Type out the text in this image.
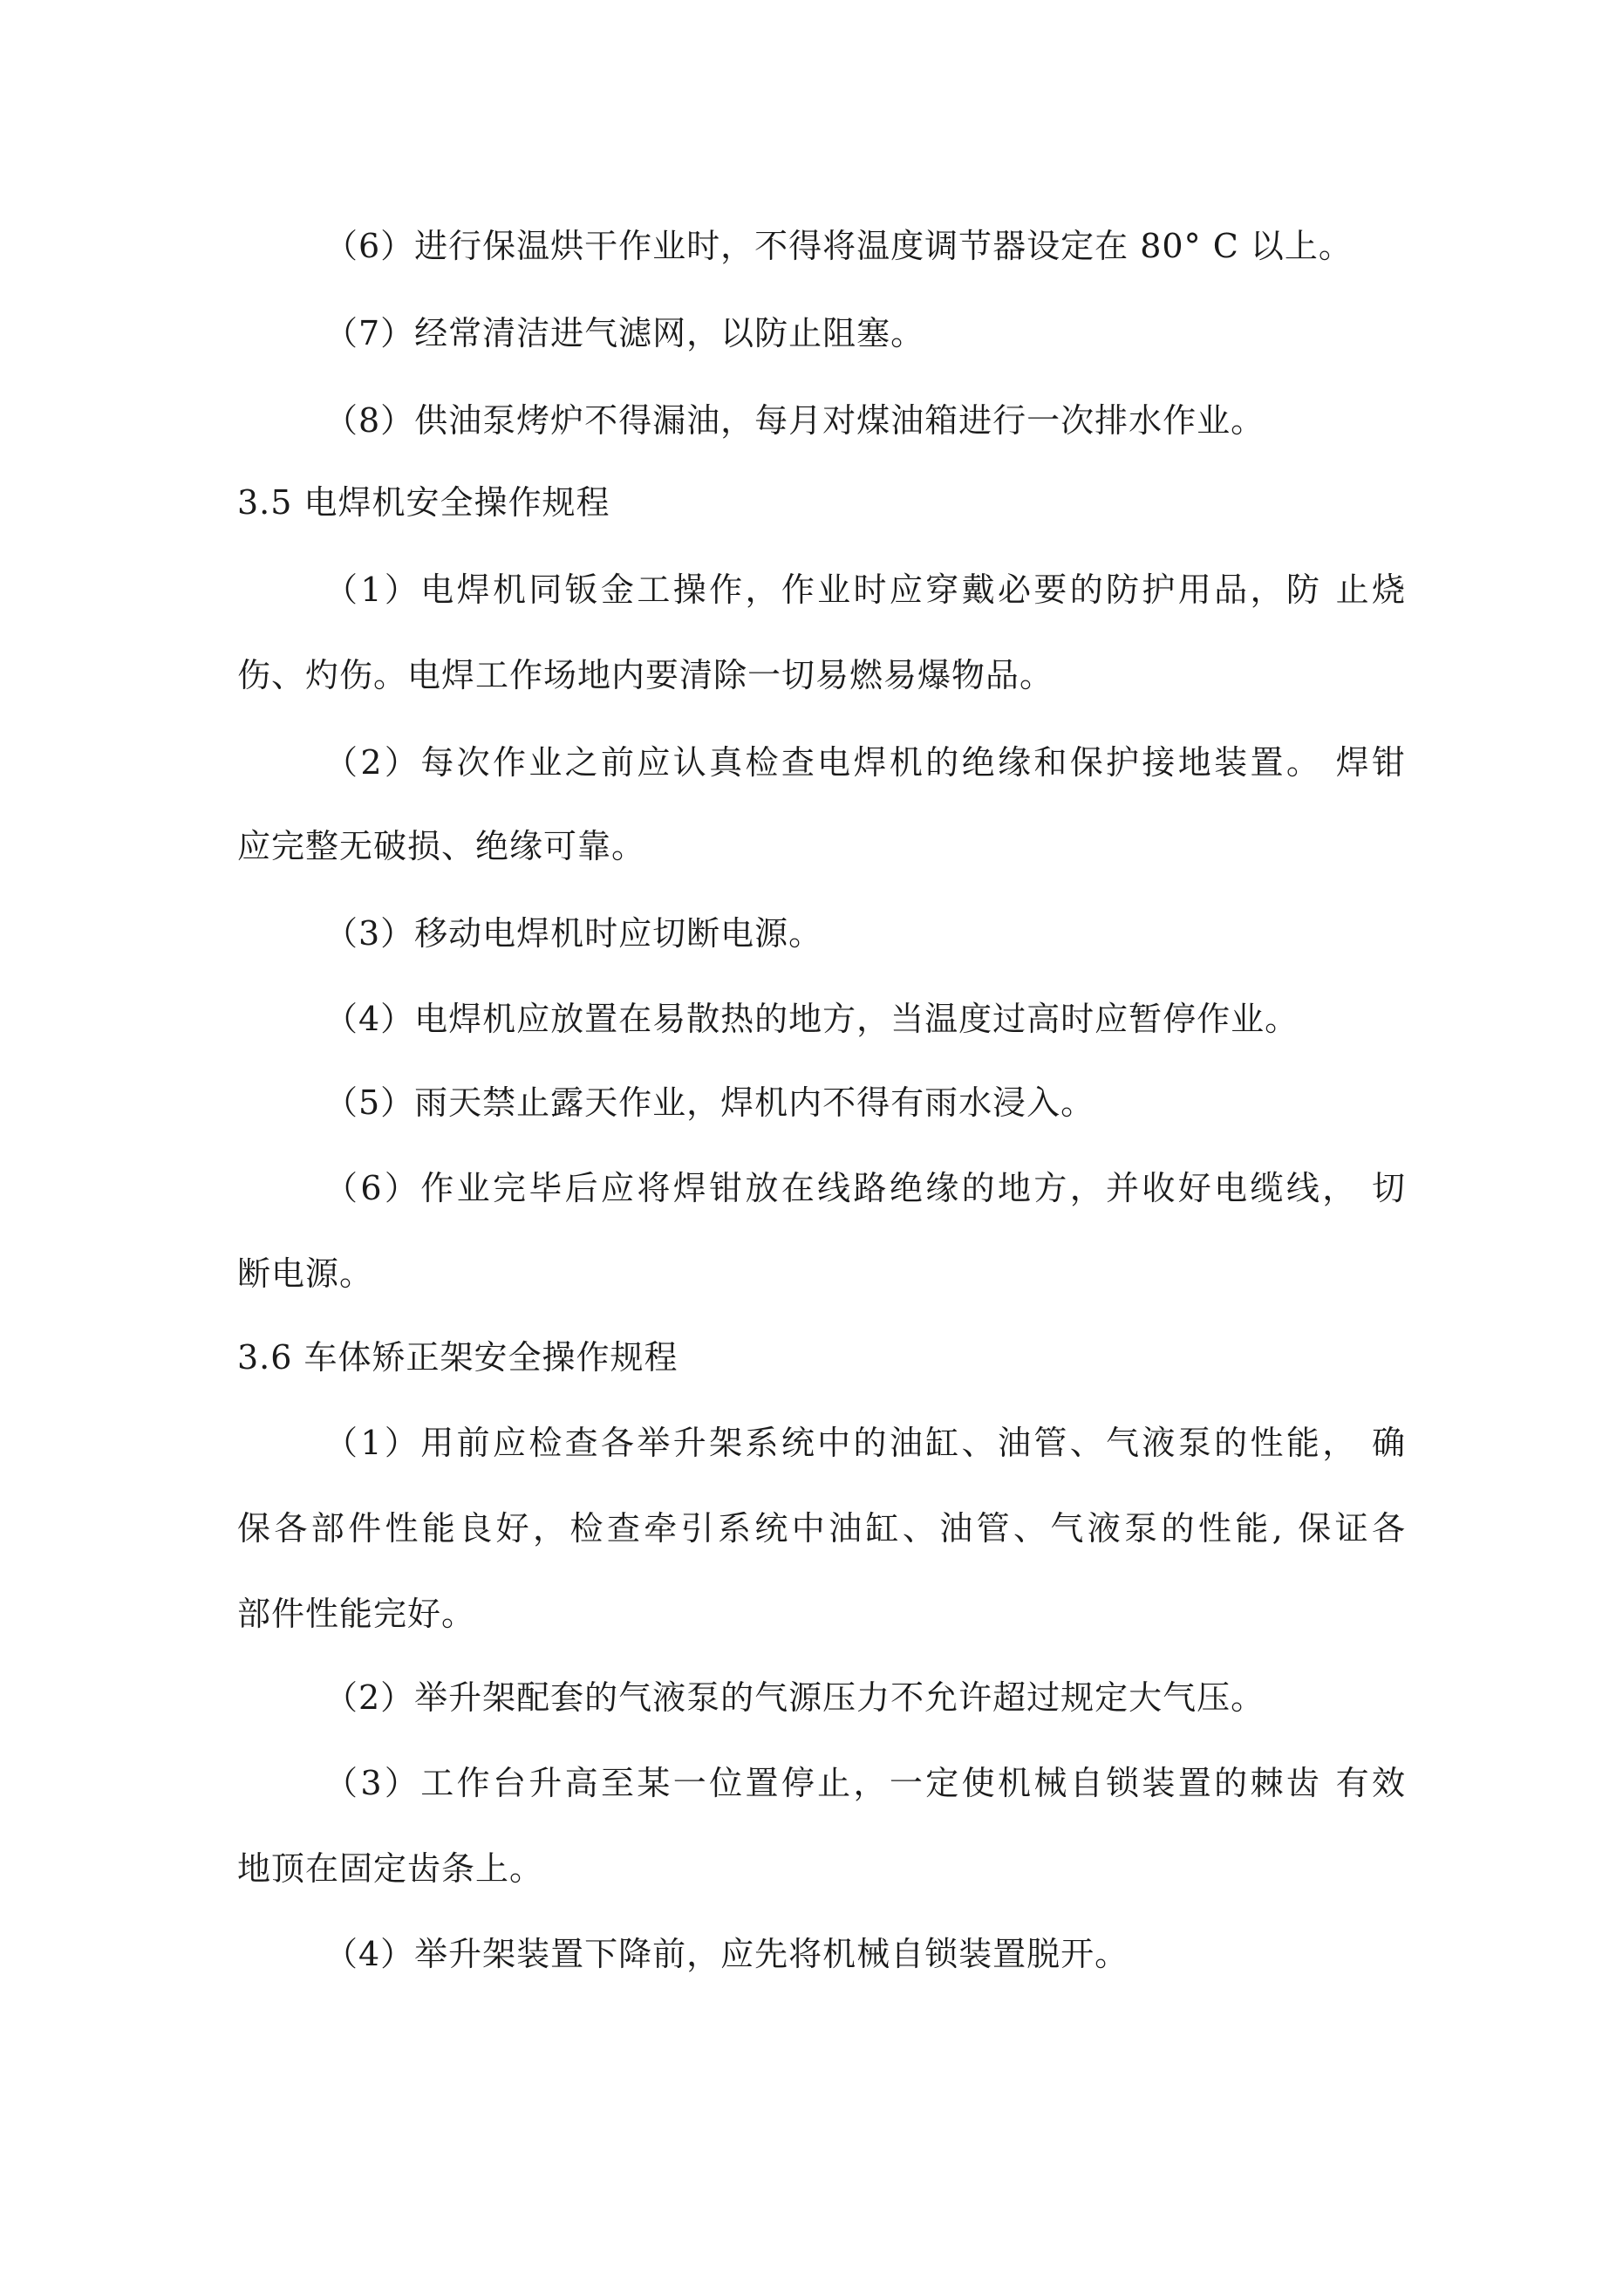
（6）进行保温烘干作业时，不得将温度调节器设定在 80° C 以上。
（7）经常清洁进气滤网，以防止阻塞。
（8）供油泵烤炉不得漏油，每月对煤油箱进行一次排水作业。
3.5 电焊机安全操作规程
（1）电焊机同钣金工操作，作业时应穿戴必要的防护用品，防 止烧
伤、灼伤。电焊工作场地内要清除一切易燃易爆物品。
（2）每次作业之前应认真检查电焊机的绝缘和保护接地装置。 焊钳
应完整无破损、绝缘可靠。
（3）移动电焊机时应切断电源。
（4）电焊机应放置在易散热的地方，当温度过高时应暂停作业。
（5）雨天禁止露天作业，焊机内不得有雨水浸入。
（6）作业完毕后应将焊钳放在线路绝缘的地方，并收好电缆线， 切
断电源。
3.6 车体矫正架安全操作规程
（1）用前应检查各举升架系统中的油缸、油管、气液泵的性能， 确
保各部件性能良好，检查牵引系统中油缸、油管、气液泵的性能, 保证各
部件性能完好。
（2）举升架配套的气液泵的气源压力不允许超过规定大气压。
（3）工作台升高至某一位置停止，一定使机械自锁装置的棘齿 有效
地顶在固定齿条上。
（4）举升架装置下降前，应先将机械自锁装置脱开。
